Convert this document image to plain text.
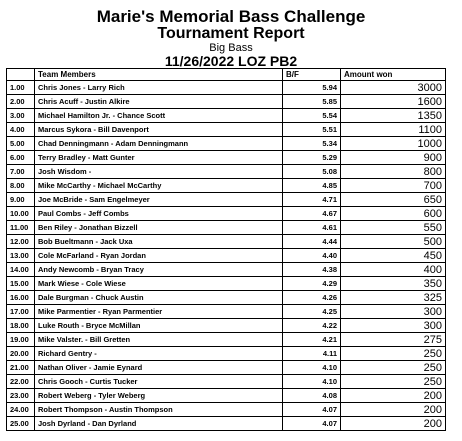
Marie's Memorial Bass Challenge
Tournament Report
Big Bass
11/26/2022 LOZ PB2
	Team Members	B/F	Amount won
1.00	Chris Jones - Larry Rich	5.94	3000
2.00	Chris Acuff - Justin Alkire	5.85	1600
3.00	Michael Hamilton Jr. - Chance Scott	5.54	1350
4.00	Marcus Sykora - Bill Davenport	5.51	1100
5.00	Chad Denningmann - Adam Denningmann	5.34	1000
6.00	Terry Bradley - Matt Gunter	5.29	900
7.00	Josh Wisdom -	5.08	800
8.00	Mike McCarthy - Michael McCarthy	4.85	700
9.00	Joe McBride - Sam Engelmeyer	4.71	650
10.00	Paul Combs - Jeff Combs	4.67	600
11.00	Ben Riley - Jonathan Bizzell	4.61	550
12.00	Bob Bueltmann - Jack Uxa	4.44	500
13.00	Cole McFarland - Ryan Jordan	4.40	450
14.00	Andy Newcomb - Bryan Tracy	4.38	400
15.00	Mark Wiese - Cole Wiese	4.29	350
16.00	Dale Burgman - Chuck Austin	4.26	325
17.00	Mike Parmentier - Ryan Parmentier	4.25	300
18.00	Luke Routh - Bryce McMillan	4.22	300
19.00	Mike Valster. - Bill Gretten	4.21	275
20.00	Richard Gentry -	4.11	250
21.00	Nathan Oliver - Jamie Eynard	4.10	250
22.00	Chris Gooch - Curtis Tucker	4.10	250
23.00	Robert Weberg - Tyler Weberg	4.08	200
24.00	Robert Thompson - Austin Thompson	4.07	200
25.00	Josh Dyrland - Dan Dyrland	4.07	200
